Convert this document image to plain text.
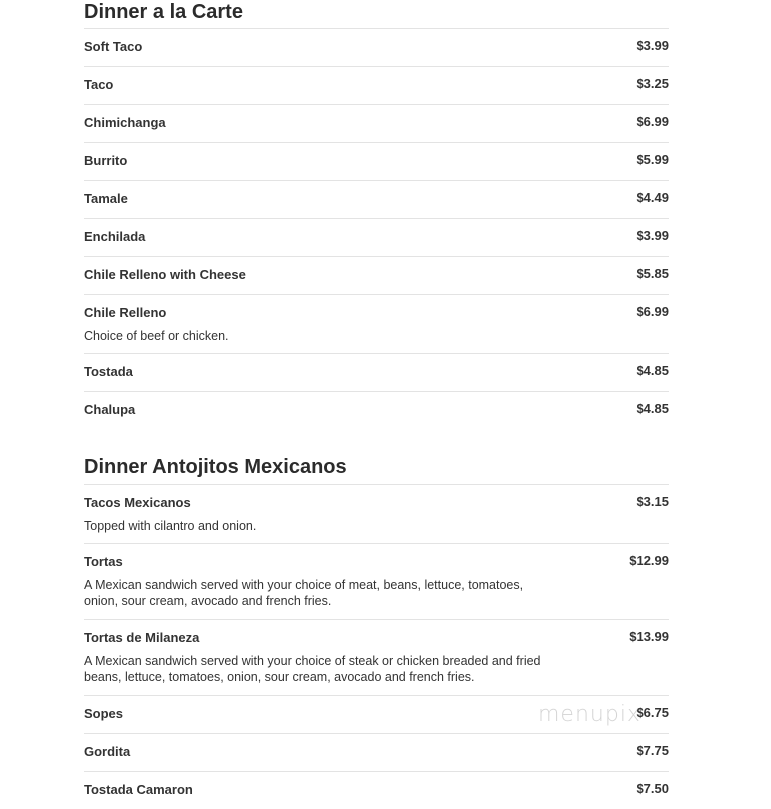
Dinner a la Carte
Soft Taco	$3.99
Taco	$3.25
Chimichanga	$6.99
Burrito	$5.99
Tamale	$4.49
Enchilada	$3.99
Chile Relleno with Cheese	$5.85
Chile Relleno	$6.99
Choice of beef or chicken.
Tostada	$4.85
Chalupa	$4.85
Dinner Antojitos Mexicanos
Tacos Mexicanos	$3.15
Topped with cilantro and onion.
Tortas	$12.99
A Mexican sandwich served with your choice of meat, beans, lettuce, tomatoes, onion, sour cream, avocado and french fries.
Tortas de Milaneza	$13.99
A Mexican sandwich served with your choice of steak or chicken breaded and fried beans, lettuce, tomatoes, onion, sour cream, avocado and french fries.
Sopes	$6.75
Gordita	$7.75
Tostada Camaron	$7.50
menupix
